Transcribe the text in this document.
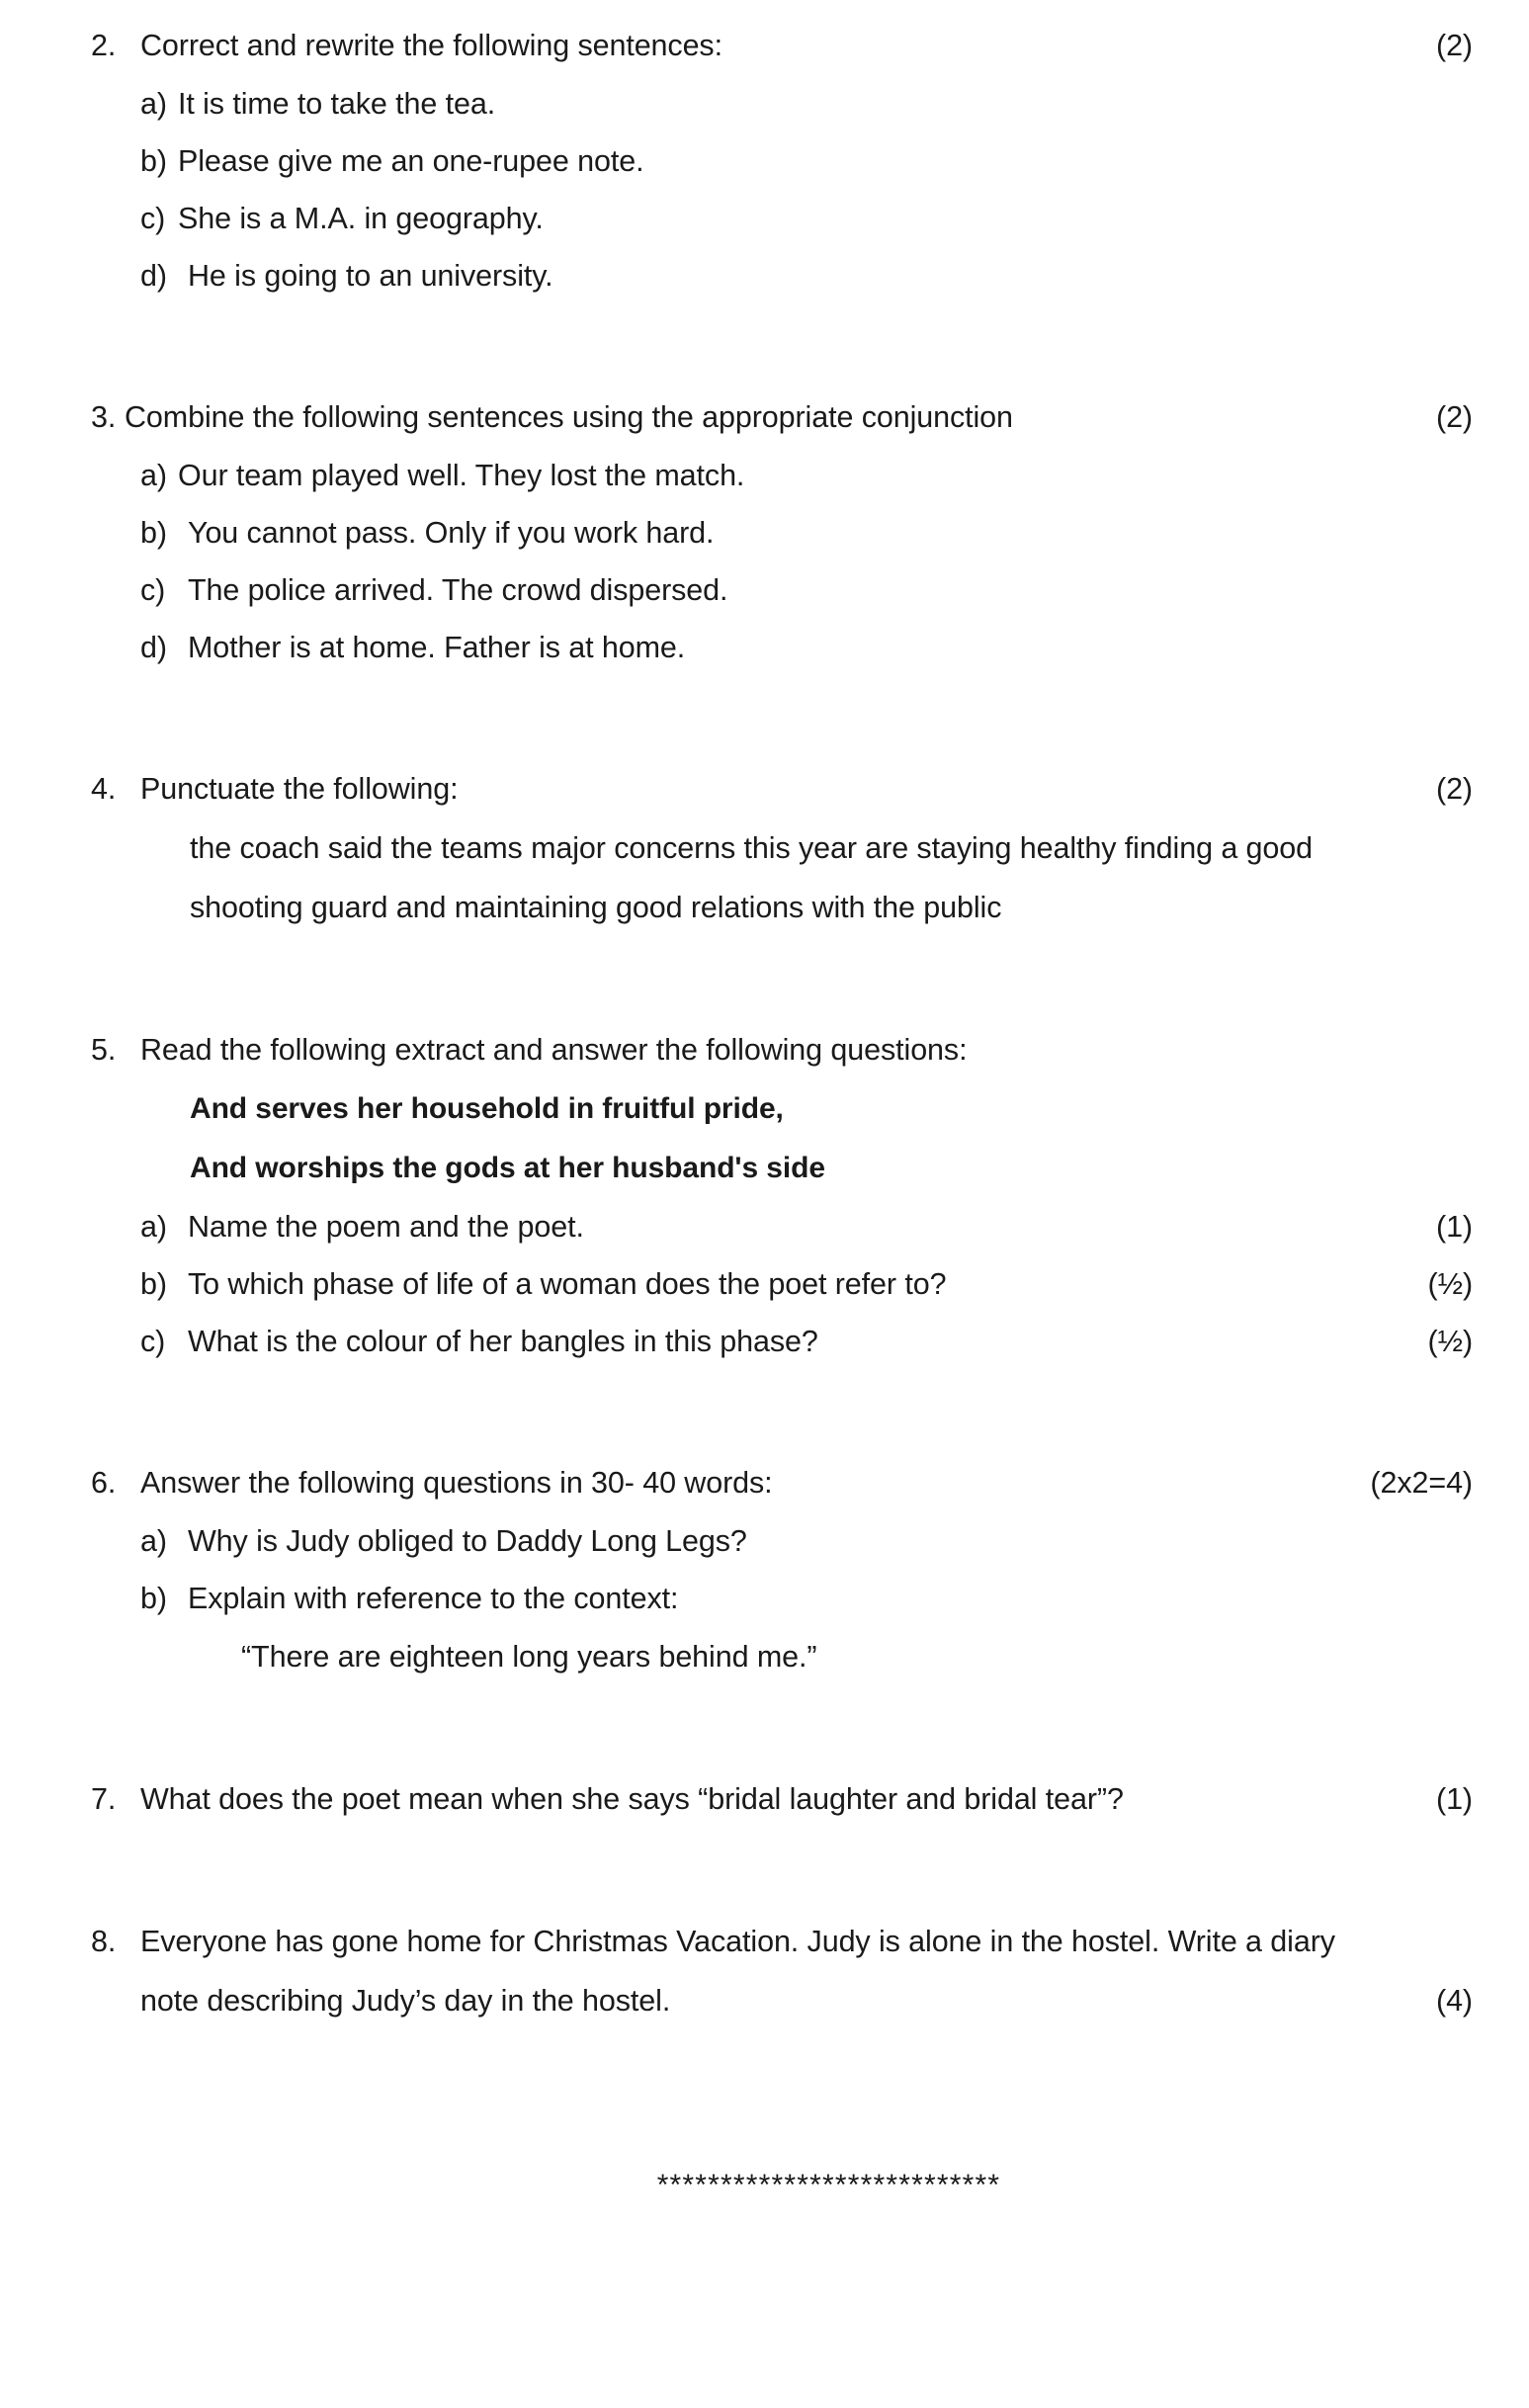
2. Correct and rewrite the following sentences:	(2)
a) It is time to take the tea.
b) Please give me an one-rupee note.
c) She is a M.A. in geography.
d) He is going to an university.
3. Combine the following sentences using the appropriate conjunction	(2)
a) Our team played well. They lost the match.
b) You cannot pass. Only if you work hard.
c) The police arrived. The crowd dispersed.
d) Mother is at home. Father is at home.
4. Punctuate the following:	(2)
the coach said the teams major concerns this year are staying healthy finding a good
shooting guard and maintaining good relations with the public
5. Read the following extract and answer the following questions:
And serves her household in fruitful pride,
And worships the gods at her husband's side
a) Name the poem and the poet.	(1)
b) To which phase of life of a woman does the poet refer to?	(½)
c) What is the colour of her bangles in this phase?	(½)
6. Answer the following questions in 30- 40 words:	(2x2=4)
a) Why is Judy obliged to Daddy Long Legs?
b) Explain with reference to the context:
“There are eighteen long years behind me.”
7. What does the poet mean when she says “bridal laughter and bridal tear”?	(1)
8. Everyone has gone home for Christmas Vacation. Judy is alone in the hostel. Write a diary
note describing Judy’s day in the hostel.	(4)
***************************
